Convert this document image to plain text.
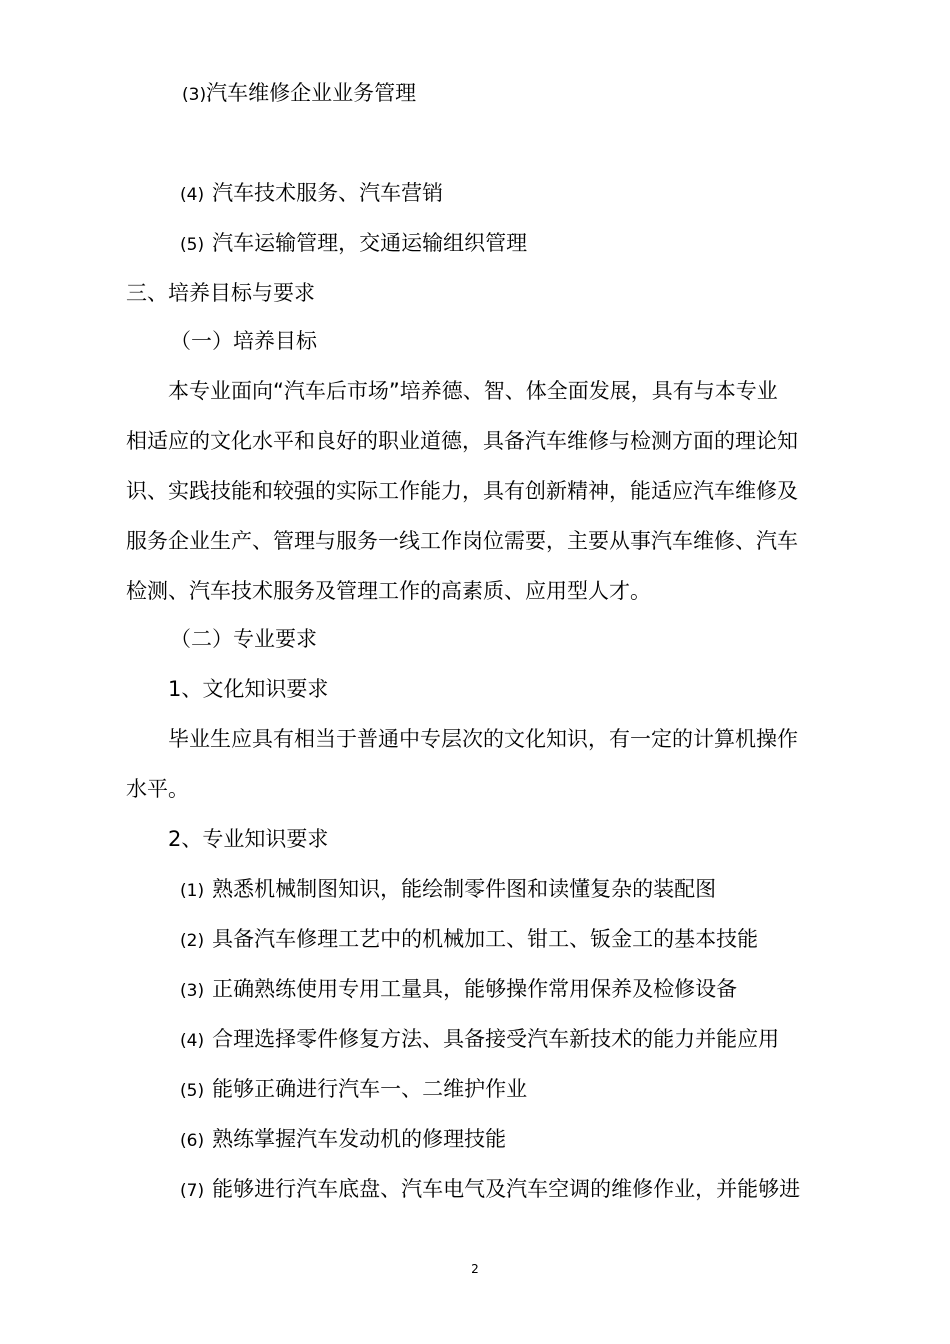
(3)汽车维修企业业务管理
(4) 汽车技术服务、汽车营销
(5) 汽车运输管理，交通运输组织管理
三、培养目标与要求
（一）培养目标
本专业面向“汽车后市场”培养德、智、体全面发展，具有与本专业
相适应的文化水平和良好的职业道德，具备汽车维修与检测方面的理论知
识、实践技能和较强的实际工作能力，具有创新精神，能适应汽车维修及
服务企业生产、管理与服务一线工作岗位需要，主要从事汽车维修、汽车
检测、汽车技术服务及管理工作的高素质、应用型人才。
（二）专业要求
1、文化知识要求
毕业生应具有相当于普通中专层次的文化知识，有一定的计算机操作
水平。
2、专业知识要求
(1) 熟悉机械制图知识，能绘制零件图和读懂复杂的装配图
(2) 具备汽车修理工艺中的机械加工、钳工、钣金工的基本技能
(3) 正确熟练使用专用工量具，能够操作常用保养及检修设备
(4) 合理选择零件修复方法、具备接受汽车新技术的能力并能应用
(5) 能够正确进行汽车一、二维护作业
(6) 熟练掌握汽车发动机的修理技能
(7) 能够进行汽车底盘、汽车电气及汽车空调的维修作业，并能够进
2
